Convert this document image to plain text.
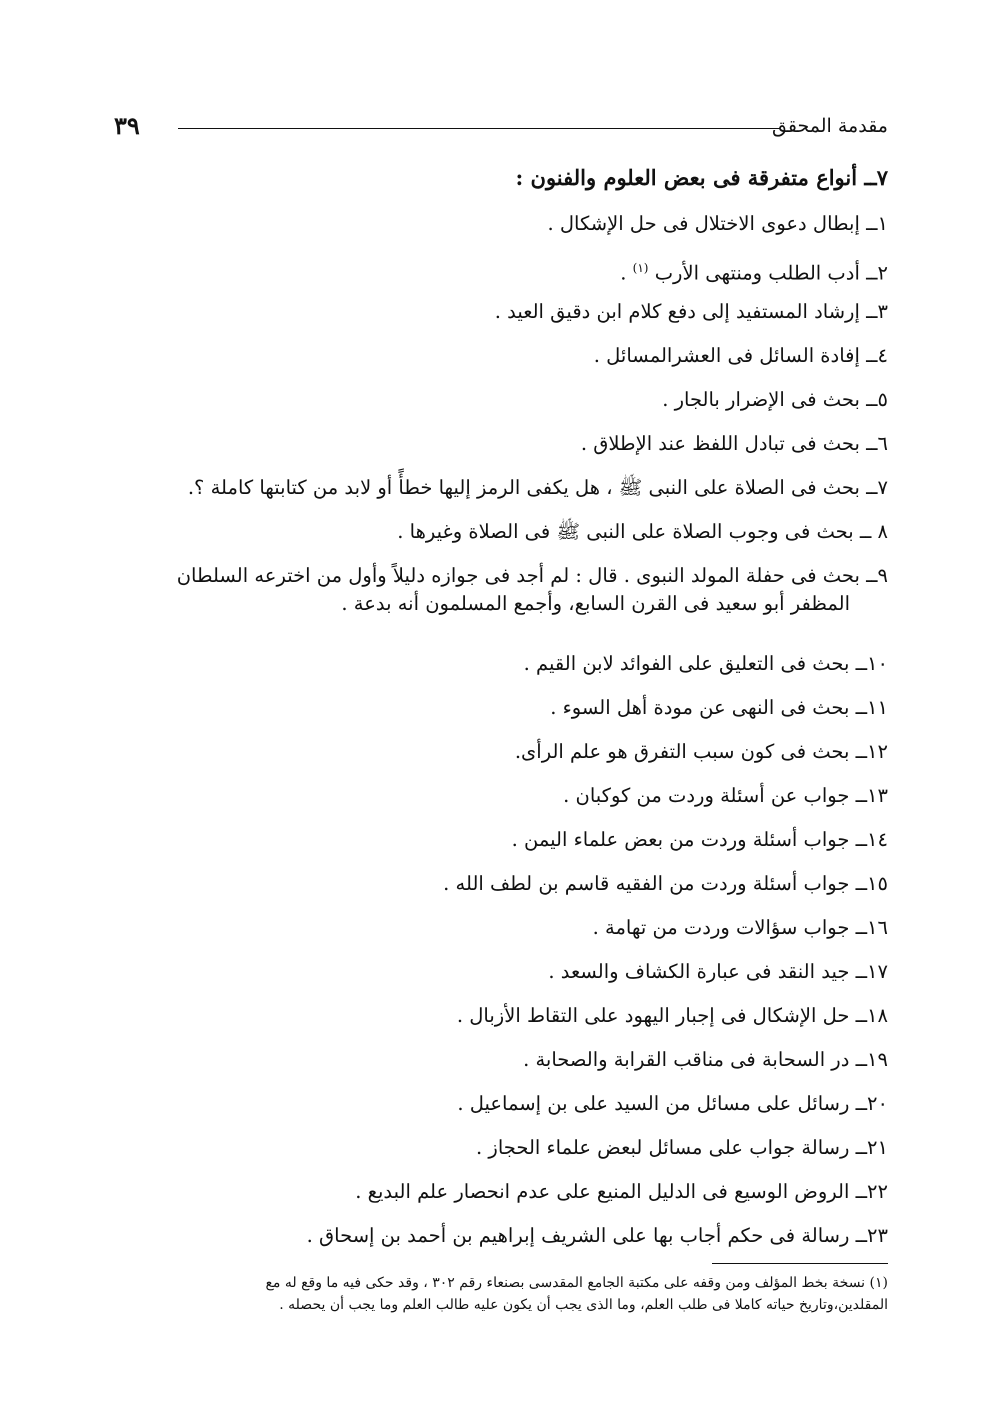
مقدمة المحقق
٣٩
٧ــ أنواع متفرقة فى بعض العلوم والفنون :
١ــ إبطال دعوى الاختلال فى حل الإشكال .
٢ــ أدب الطلب ومنتهى الأرب $^{(١)}$ .
٣ــ إرشاد المستفيد إلى دفع كلام ابن دقيق العيد .
٤ــ إفادة السائل فى العشرالمسائل .
٥ــ بحث فى الإضرار بالجار .
٦ــ بحث فى تبادل اللفظ عند الإطلاق .
٧ــ بحث فى الصلاة على النبى ﷺ ، هل يكفى الرمز إليها خطأً أو لابد من كتابتها كاملة ؟.
٨ ــ بحث فى وجوب الصلاة على النبى ﷺ فى الصلاة وغيرها .
٩ــ بحث فى حفلة المولد النبوى . قال : لم أجد فى جوازه دليلاً وأول من اخترعه السلطان
المظفر أبو سعيد فى القرن السابع، وأجمع المسلمون أنه بدعة .
١٠ــ بحث فى التعليق على الفوائد لابن القيم .
١١ــ بحث فى النهى عن مودة أهل السوء .
١٢ــ بحث فى كون سبب التفرق هو علم الرأى.
١٣ــ جواب عن أسئلة وردت من كوكبان .
١٤ــ جواب أسئلة وردت من بعض علماء اليمن .
١٥ــ جواب أسئلة وردت من الفقيه قاسم بن لطف الله .
١٦ــ جواب سؤالات وردت من تهامة .
١٧ــ جيد النقد فى عبارة الكشاف والسعد .
١٨ــ حل الإشكال فى إجبار اليهود على التقاط الأزبال .
١٩ــ در السحابة فى مناقب القرابة والصحابة .
٢٠ــ رسائل على مسائل من السيد على بن إسماعيل .
٢١ــ رسالة جواب على مسائل لبعض علماء الحجاز .
٢٢ــ الروض الوسيع فى الدليل المنيع على عدم انحصار علم البديع .
٢٣ــ رسالة فى حكم أجاب بها على الشريف إبراهيم بن أحمد بن إسحاق .
(١) نسخة بخط المؤلف ومن وقفه على مكتبة الجامع المقدسى بصنعاء رقم ٣٠٢ ، وقد حكى فيه ما وقع له مع
المقلدين،وتاريخ حياته كاملا فى طلب العلم، وما الذى يجب أن يكون عليه طالب العلم وما يجب أن يحصله .
